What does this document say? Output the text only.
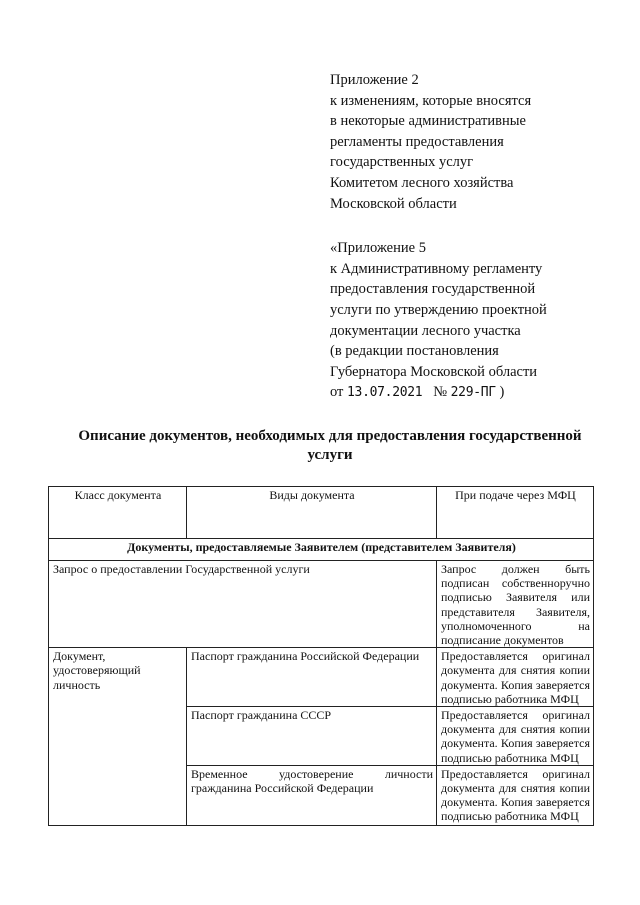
Приложение 2
к изменениям, которые вносятся
в некоторые административные
регламенты предоставления
государственных услуг
Комитетом лесного хозяйства
Московской области
«Приложение 5
к Административному регламенту
предоставления государственной
услуги по утверждению проектной
документации лесного участка
(в редакции постановления
Губернатора Московской области
от 13.07.2021 № 229-ПГ )
Описание документов, необходимых для предоставления государственной услуги
Класс документа	Виды документа	При подаче через МФЦ
Документы, предоставляемые Заявителем (представителем Заявителя)		
Запрос о предоставлении Государственной услуги		Запрос должен быть подписан собственноручно подписью Заявителя или представителя Заявителя, уполномоченного на подписание документов
Документ, удостоверяющий личность	Паспорт гражданина Российской Федерации	Предоставляется оригинал документа для снятия копии документа. Копия заверяется подписью работника МФЦ
	Паспорт гражданина СССР	Предоставляется оригинал документа для снятия копии документа. Копия заверяется подписью работника МФЦ
	Временное удостоверение личности гражданина Российской Федерации	Предоставляется оригинал документа для снятия копии документа. Копия заверяется подписью работника МФЦ
